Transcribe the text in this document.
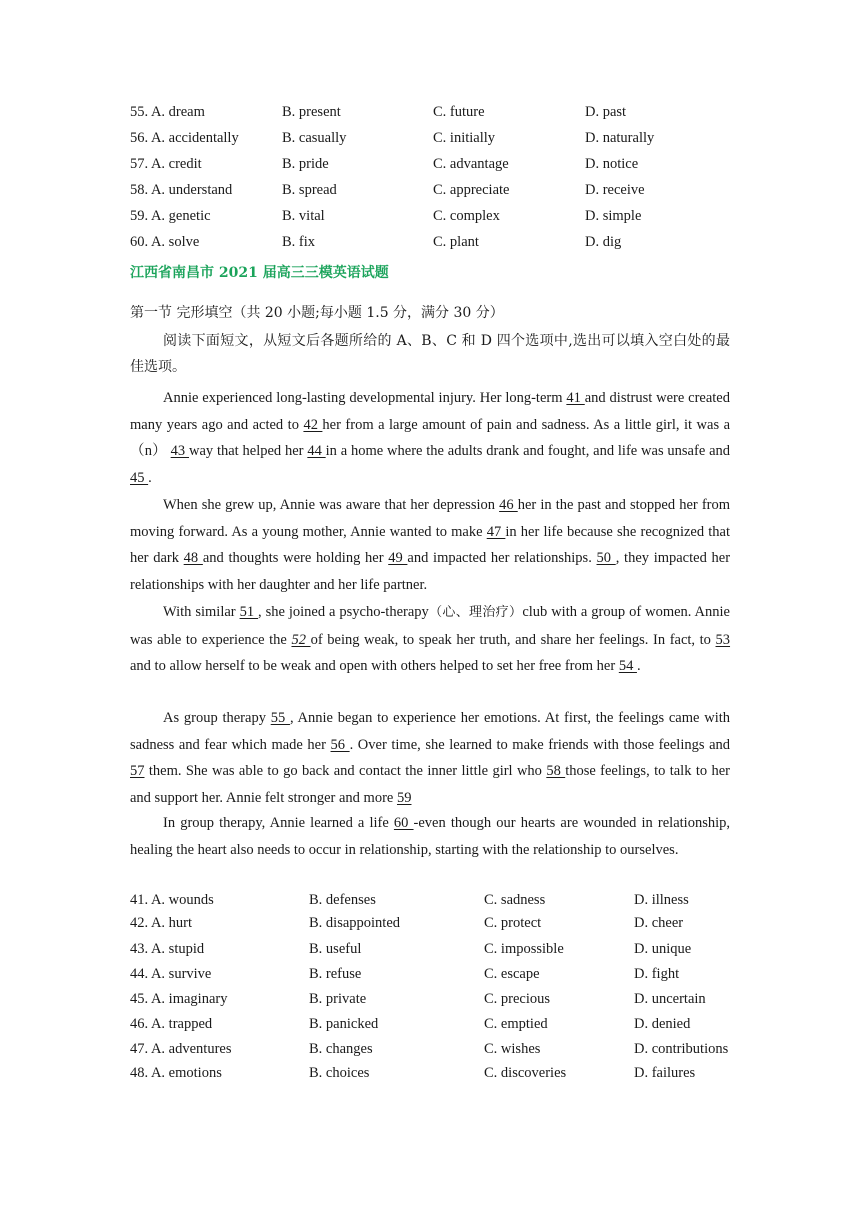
55. A. dream	B. present	C. future	D. past
56. A. accidentally	B. casually	C. initially	D. naturally
57. A. credit	B. pride	C. advantage	D. notice
58. A. understand	B. spread	C. appreciate	D. receive
59. A. genetic	B. vital	C. complex	D. simple
60. A. solve	B. fix	C. plant	D. dig
江西省南昌市 2021 届高三三模英语试题
第一节 完形填空（共 20 小题;每小题 1.5 分，满分 30 分）
阅读下面短文，从短文后各题所给的 A、B、C 和 D 四个选项中,选出可以填入空白处的最佳选项。
Annie experienced long-lasting developmental injury. Her long-term 41 and distrust were created many years ago and acted to 42 her from a large amount of pain and sadness. As a little girl, it was a（n） 43 way that helped her 44 in a home where the adults drank and fought, and life was unsafe and 45 .
When she grew up, Annie was aware that her depression 46 her in the past and stopped her from moving forward. As a young mother, Annie wanted to make 47 in her life because she recognized that her dark 48 and thoughts were holding her 49 and impacted her relationships. 50 , they impacted her relationships with her daughter and her life partner.
With similar 51 , she joined a psycho-therapy（心、理治疗）club with a group of women. Annie was able to experience the 52 of being weak, to speak her truth, and share her feelings. In fact, to 53 and to allow herself to be weak and open with others helped to set her free from her 54 .
As group therapy 55 , Annie began to experience her emotions. At first, the feelings came with sadness and fear which made her 56 . Over time, she learned to make friends with those feelings and 57 them. She was able to go back and contact the inner little girl who 58 those feelings, to talk to her and support her. Annie felt stronger and more 59
In group therapy, Annie learned a life 60 -even though our hearts are wounded in relationship, healing the heart also needs to occur in relationship, starting with the relationship to ourselves.
41. A. wounds	B. defenses	C. sadness	D. illness
42. A. hurt	B. disappointed	C. protect	D. cheer
43. A. stupid	B. useful	C. impossible	D. unique
44. A. survive	B. refuse	C. escape	D. fight
45. A. imaginary	B. private	C. precious	D. uncertain
46. A. trapped	B. panicked	C. emptied	D. denied
47. A. adventures	B. changes	C. wishes	D. contributions
48. A. emotions	B. choices	C. discoveries	D. failures
